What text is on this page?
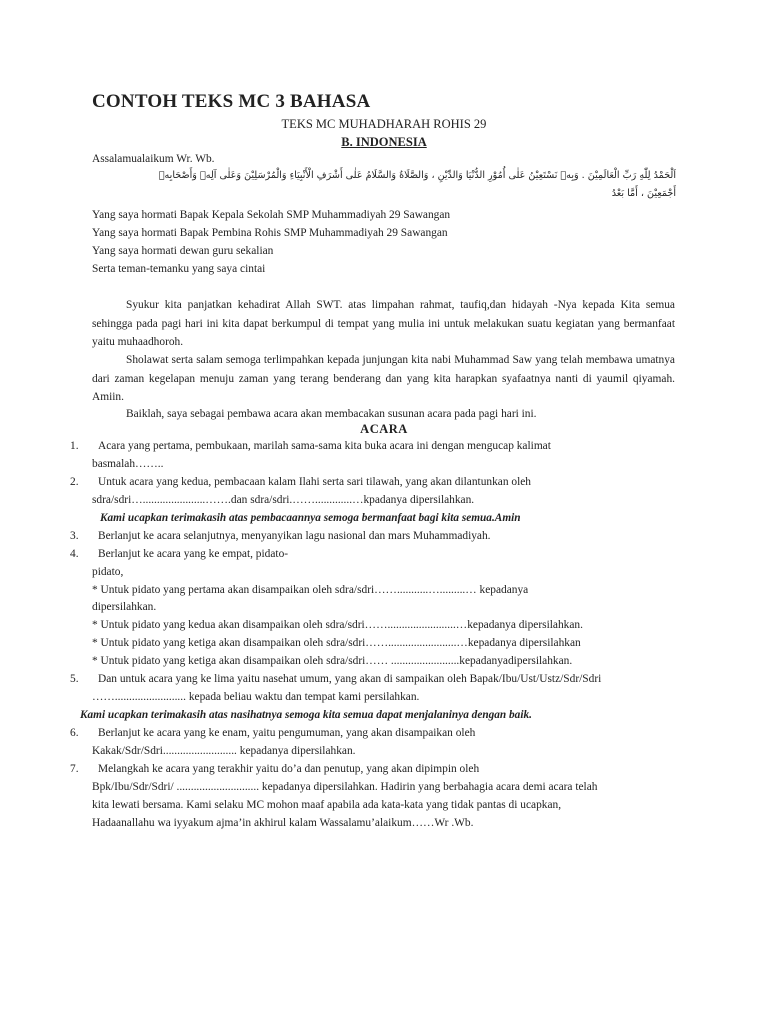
CONTOH TEKS MC 3 BAHASA
TEKS MC MUHADHARAH ROHIS 29
B. INDONESIA
Assalamualaikum Wr. Wb.
اَلْحَمْدُ لِلّٰهِ رَبِّ الْعَالَمِيْنَ . وَبِهٖ نَسْتَعِيْنُ عَلٰى أُمُوْرِ الدُّنْيَا وَالدِّيْنِ ، وَالصَّلَاةُ وَالسَّلَامُ عَلٰى أَشْرَفِ الْأَنْبِيَاءِ وَالْمُرْسَلِيْنَ وَعَلٰى آلِهٖ وَأَصْحَابِهٖ
أَجْمَعِيْنَ ، أَمَّا بَعْدُ
Yang saya hormati Bapak Kepala Sekolah SMP Muhammadiyah 29 Sawangan
Yang saya hormati Bapak Pembina Rohis SMP Muhammadiyah 29 Sawangan
Yang saya hormati dewan guru sekalian
Serta teman-temanku yang saya cintai

Syukur kita panjatkan kehadirat Allah SWT. atas limpahan rahmat, taufiq,dan hidayah -Nya kepada Kita semua sehingga pada pagi hari ini kita dapat berkumpul di tempat yang mulia ini untuk melakukan suatu kegiatan yang bermanfaat yaitu muhaadhoroh.

Sholawat serta salam semoga terlimpahkan kepada junjungan kita nabi Muhammad Saw yang telah membawa umatnya dari zaman kegelapan menuju zaman yang terang benderang dan yang kita harapkan syafaatnya nanti di yaumil qiyamah. Amiin.

Baiklah, saya sebagai pembawa acara akan membacakan susunan acara pada pagi hari ini.

ACARA
1. Acara yang pertama, pembukaan, marilah sama-sama kita buka acara ini dengan mengucap kalimat
basmalah……..
2. Untuk acara yang kedua, pembacaan kalam Ilahi serta sari tilawah, yang akan dilantunkan oleh
sdra/sdri…......................…….dan sdra/sdri.…….............…kpadanya dipersilahkan.
Kami ucapkan terimakasih atas pembacaannya semoga bermanfaat bagi kita semua.Amin
3. Berlanjut ke acara selanjutnya, menyanyikan lagu nasional dan mars Muhammadiyah.
4. Berlanjut ke acara yang ke empat, pidato-
pidato,
* Untuk pidato yang pertama akan disampaikan oleh sdra/sdri……...........….........… kepadanya
dipersilahkan.
* Untuk pidato yang kedua akan disampaikan oleh sdra/sdri……........................…kepadanya dipersilahkan.
* Untuk pidato yang ketiga akan disampaikan oleh sdra/sdri……........................…kepadanya dipersilahkan
* Untuk pidato yang ketiga akan disampaikan oleh sdra/sdri…… ........................kepadanyadipersilahkan.
5. Dan untuk acara yang ke lima yaitu nasehat umum, yang akan di sampaikan oleh Bapak/Ibu/Ust/Ustz/Sdr/Sdri
……......................... kepada beliau waktu dan tempat kami persilahkan.
Kami ucapkan terimakasih atas nasihatnya semoga kita semua dapat menjalaninya dengan baik.
6. Berlanjut ke acara yang ke enam, yaitu pengumuman, yang akan disampaikan oleh
Kakak/Sdr/Sdri.......................... kepadanya dipersilahkan.
7. Melangkah ke acara yang terakhir yaitu do’a dan penutup, yang akan dipimpin oleh
Bpk/Ibu/Sdr/Sdri/ ............................. kepadanya dipersilahkan. Hadirin yang berbahagia acara demi acara telah
kita lewati bersama. Kami selaku MC mohon maaf apabila ada kata-kata yang tidak pantas di ucapkan,
Hadaanallahu wa iyyakum ajma’in akhirul kalam Wassalamu’alaikum……Wr .Wb.
